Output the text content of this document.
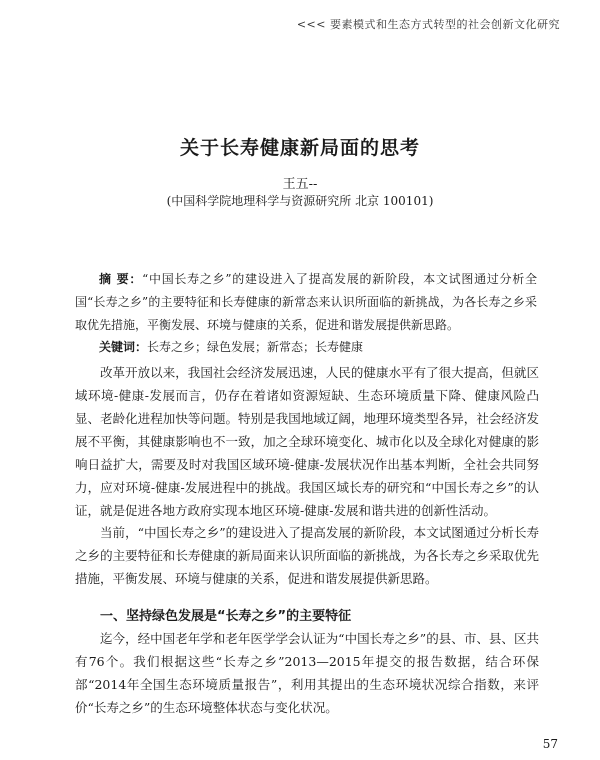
<<< 要素模式和生态方式转型的社会创新文化研究
关于长寿健康新局面的思考
王五--
(中国科学院地理科学与资源研究所 北京 100101)

摘 要：“中国长寿之乡”的建设进入了提高发展的新阶段，本文试图通过分析全国“长寿之乡”的主要特征和长寿健康的新常态来认识所面临的新挑战，为各长寿之乡采取优先措施，平衡发展、环境与健康的关系，促进和谐发展提供新思路。

关键词：长寿之乡；绿色发展；新常态；长寿健康

改革开放以来，我国社会经济发展迅速，人民的健康水平有了很大提高，但就区域环境-健康-发展而言，仍存在着诸如资源短缺、生态环境质量下降、健康风险凸显、老龄化进程加快等问题。特别是我国地域辽阔，地理环境类型各异，社会经济发展不平衡，其健康影响也不一致，加之全球环境变化、城市化以及全球化对健康的影响日益扩大，需要及时对我国区域环境-健康-发展状况作出基本判断，全社会共同努力，应对环境-健康-发展进程中的挑战。我国区域长寿的研究和“中国长寿之乡”的认证，就是促进各地方政府实现本地区环境-健康-发展和谐共进的创新性活动。

当前，“中国长寿之乡”的建设进入了提高发展的新阶段，本文试图通过分析长寿之乡的主要特征和长寿健康的新局面来认识所面临的新挑战，为各长寿之乡采取优先措施，平衡发展、环境与健康的关系，促进和谐发展提供新思路。

一、坚持绿色发展是“长寿之乡”的主要特征

迄今，经中国老年学和老年医学学会认证为“中国长寿之乡”的县、市、县、区共有76个。我们根据这些“长寿之乡”2013—2015年提交的报告数据，结合环保部“2014年全国生态环境质量报告”，利用其提出的生态环境状况综合指数，来评价“长寿之乡”的生态环境整体状态与变化状况。

57
